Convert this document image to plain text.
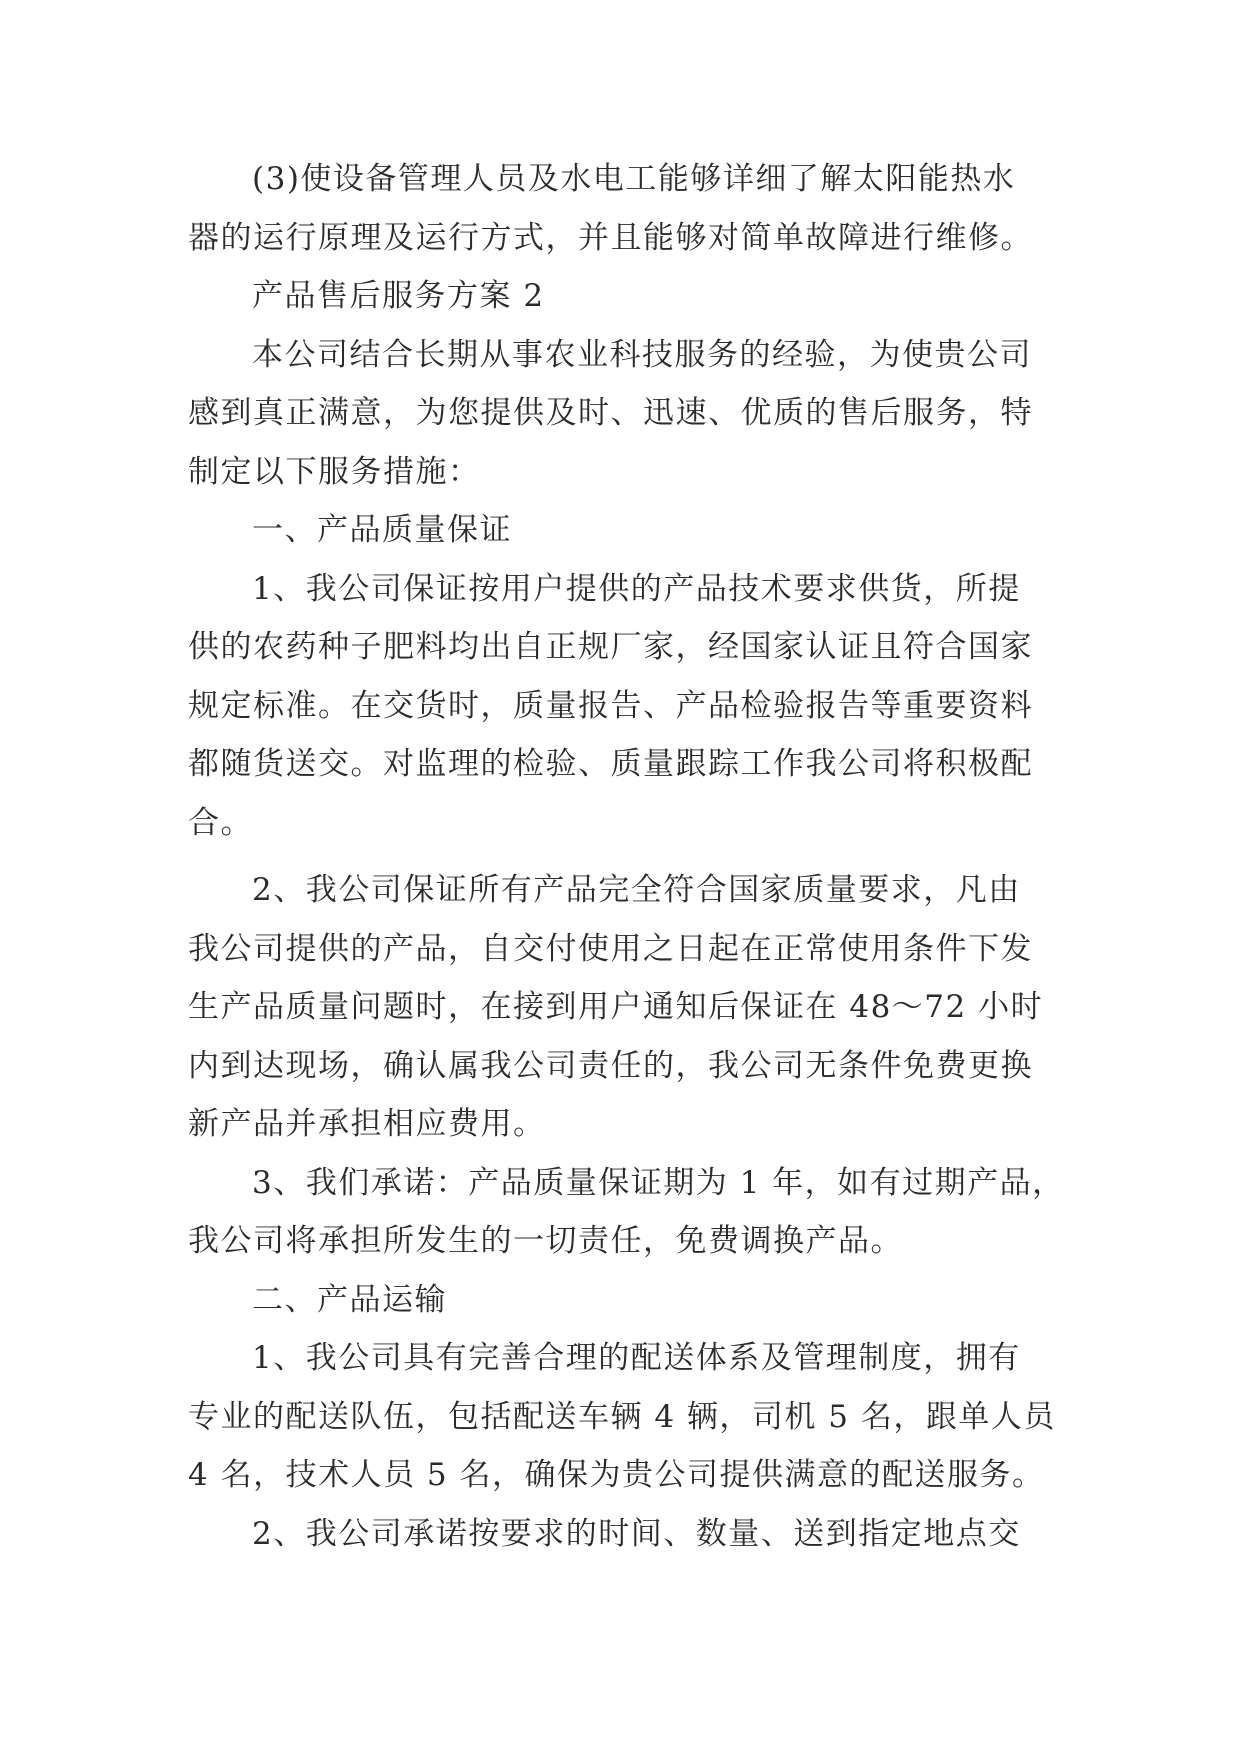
(3)使设备管理人员及水电工能够详细了解太阳能热水
器的运行原理及运行方式，并且能够对简单故障进行维修。
产品售后服务方案 2
本公司结合长期从事农业科技服务的经验，为使贵公司
感到真正满意，为您提供及时、迅速、优质的售后服务，特
制定以下服务措施：
一、产品质量保证
1、我公司保证按用户提供的产品技术要求供货，所提
供的农药种子肥料均出自正规厂家，经国家认证且符合国家
规定标准。在交货时，质量报告、产品检验报告等重要资料
都随货送交。对监理的检验、质量跟踪工作我公司将积极配
合。
2、我公司保证所有产品完全符合国家质量要求，凡由
我公司提供的产品，自交付使用之日起在正常使用条件下发
生产品质量问题时，在接到用户通知后保证在 48～72 小时
内到达现场，确认属我公司责任的，我公司无条件免费更换
新产品并承担相应费用。
3、我们承诺：产品质量保证期为 1 年，如有过期产品，
我公司将承担所发生的一切责任，免费调换产品。
二、产品运输
1、我公司具有完善合理的配送体系及管理制度，拥有
专业的配送队伍，包括配送车辆 4 辆，司机 5 名，跟单人员
4 名，技术人员 5 名，确保为贵公司提供满意的配送服务。
2、我公司承诺按要求的时间、数量、送到指定地点交
